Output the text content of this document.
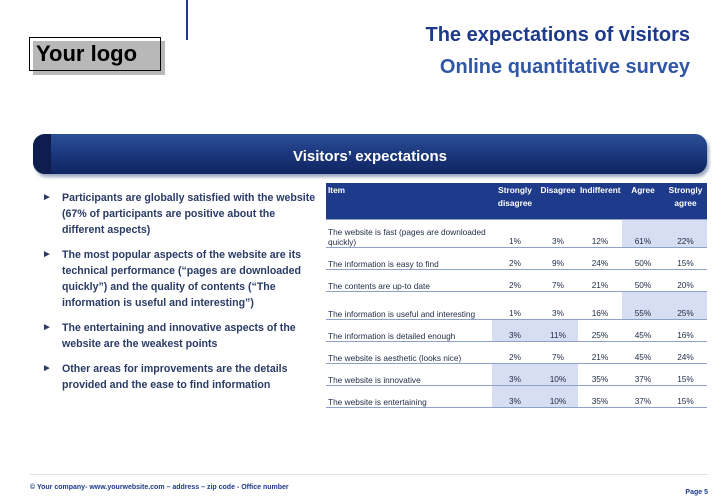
Your logo
The expectations of visitors
Online quantitative survey
Visitors’ expectations
► Participants are globally satisfied with the website (67% of participants are positive about the different aspects)
► The most popular aspects of the website are its technical performance (“pages are downloaded quickly”) and the quality of contents (“The information is useful and interesting”)
► The entertaining and innovative aspects of the website are the weakest points
► Other areas for improvements are the details provided and the ease to find information
Item	Strongly disagree	Disagree	Indifferent	Agree	Strongly agree
The website is fast (pages are downloaded quickly)	1%	3%	12%	61%	22%
The information is easy to find	2%	9%	24%	50%	15%
The contents are up-to date	2%	7%	21%	50%	20%
The information is useful and interesting	1%	3%	16%	55%	25%
The information is detailed enough	3%	11%	25%	45%	16%
The website is aesthetic (looks nice)	2%	7%	21%	45%	24%
The website is innovative	3%	10%	35%	37%	15%
The website is entertaining	3%	10%	35%	37%	15%
© Your company- www.yourwebsite.com – address – zip code - Office number
Page 5
